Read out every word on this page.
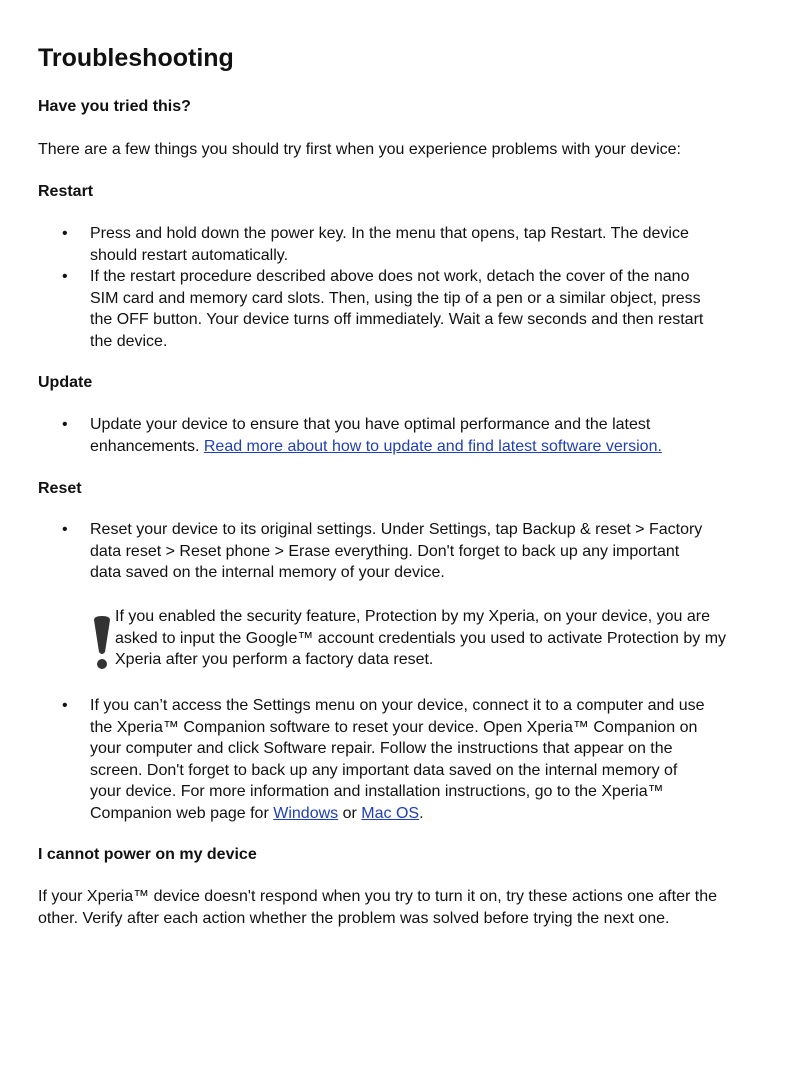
Troubleshooting
Have you tried this?

There are a few things you should try first when you experience problems with your device:

Restart
• Press and hold down the power key. In the menu that opens, tap Restart. The device should restart automatically.
• If the restart procedure described above does not work, detach the cover of the nano SIM card and memory card slots. Then, using the tip of a pen or a similar object, press the OFF button. Your device turns off immediately. Wait a few seconds and then restart the device.
Update
• Update your device to ensure that you have optimal performance and the latest enhancements. Read more about how to update and find latest software version.
Reset
• Reset your device to its original settings. Under Settings, tap Backup & reset > Factory data reset > Reset phone > Erase everything. Don't forget to back up any important data saved on the internal memory of your device.

If you enabled the security feature, Protection by my Xperia, on your device, you are asked to input the Google™ account credentials you used to activate Protection by my Xperia after you perform a factory data reset.

• If you can’t access the Settings menu on your device, connect it to a computer and use the Xperia™ Companion software to reset your device. Open Xperia™ Companion on your computer and click Software repair. Follow the instructions that appear on the screen. Don't forget to back up any important data saved on the internal memory of your device. For more information and installation instructions, go to the Xperia™ Companion web page for Windows or Mac OS.
I cannot power on my device

If your Xperia™ device doesn't respond when you try to turn it on, try these actions one after the other. Verify after each action whether the problem was solved before trying the next one.
